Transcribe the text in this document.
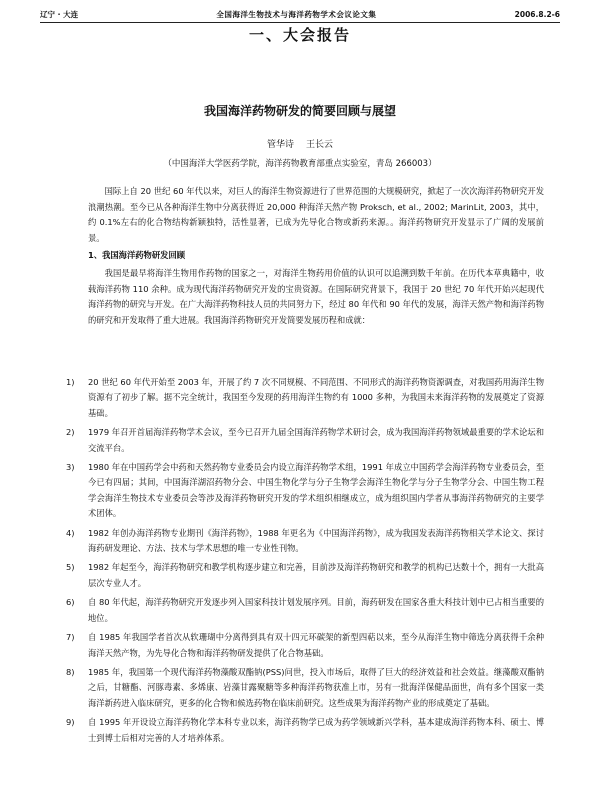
辽宁 · 大连	全国海洋生物技术与海洋药物学术会议论文集	2006.8.2-6
一、大会报告
我国海洋药物研发的简要回顾与展望
管华诗 王长云
（中国海洋大学医药学院，海洋药物教育部重点实验室，青岛 266003）

国际上自 20 世纪 60 年代以来，对巨人的海洋生物资源进行了世界范围的大规模研究，掀起了一次次海洋药物研究开发浪潮热潮。至今已从各种海洋生物中分离获得近 20,000 种海洋天然产物 Proksch, et al., 2002; MarinLit, 2003，其中，约 0.1%左右的化合物结构新颖独特，活性显著，已成为先导化合物或新药来源。。海洋药物研究开发显示了广阔的发展前景。

1、我国海洋药物研发回顾

我国是最早将海洋生物用作药物的国家之一，对海洋生物药用价值的认识可以追溯到数千年前。在历代本草典籍中，收载海洋药物 110 余种。成为现代海洋药物研究开发的宝贵资源。在国际研究背景下，我国于 20 世纪 70 年代开始兴起现代海洋药物的研究与开发。在广大海洋药物科技人员的共同努力下，经过 80 年代和 90 年代的发展，海洋天然产物和海洋药物的研究和开发取得了重大进展。我国海洋药物研究开发简要发展历程和成就：

1)	20 世纪 60 年代开始至 2003 年，开展了约 7 次不同规模、不同范围、不同形式的海洋药物资源调查，对我国药用海洋生物资源有了初步了解。据不完全统计，我国至今发现的药用海洋生物约有 1000 多种，为我国未来海洋药物的发展奠定了资源基础。
2)	1979 年召开首届海洋药物学术会议，至今已召开九届全国海洋药物学术研讨会，成为我国海洋药物领域最重要的学术论坛和交流平台。
3)	1980 年在中国药学会中药和天然药物专业委员会内设立海洋药物学术组，1991 年成立中国药学会海洋药物专业委员会，至今已有四届；其间，中国海洋湖沼药物分会、中国生物化学与分子生物学会海洋生物化学与分子生物学分会、中国生物工程学会海洋生物技术专业委员会等涉及海洋药物研究开发的学术组织相继成立，成为组织国内学者从事海洋药物研究的主要学术团体。
4)	1982 年创办海洋药物专业期刊《海洋药物》，1988 年更名为《中国海洋药物》，成为我国发表海洋药物相关学术论文、探讨海药研发理论、方法、技术与学术思想的唯一专业性刊物。
5)	1982 年起至今，海洋药物研究和教学机构逐步建立和完善，目前涉及海洋药物研究和教学的机构已达数十个，拥有一大批高层次专业人才。
6)	自 80 年代起，海洋药物研究开发逐步列入国家科技计划发展序列。目前，海药研发在国家各重大科技计划中已占相当重要的地位。
7)	自 1985 年我国学者首次从软珊瑚中分离得到具有双十四元环碳架的新型四萜以来，至今从海洋生物中筛选分离获得千余种海洋天然产物，为先导化合物和海洋药物研发提供了化合物基础。
8)	1985 年，我国第一个现代海洋药物藻酸双酯钠(PSS)问世，投入市场后，取得了巨大的经济效益和社会效益。继藻酸双酯钠之后，甘糖酯、河豚毒素、多烯康、岩藻甘露聚糖等多种海洋药物获准上市，另有一批海洋保健品面世，尚有多个国家一类海洋新药进入临床研究，更多的化合物和候选药物在临床前研究。这些成果为海洋药物产业的形成奠定了基础。
9)	自 1995 年开设设立海洋药物化学本科专业以来，海洋药物学已成为药学领域新兴学科，基本建成海洋药物本科、硕士、博士到博士后相对完善的人才培养体系。
